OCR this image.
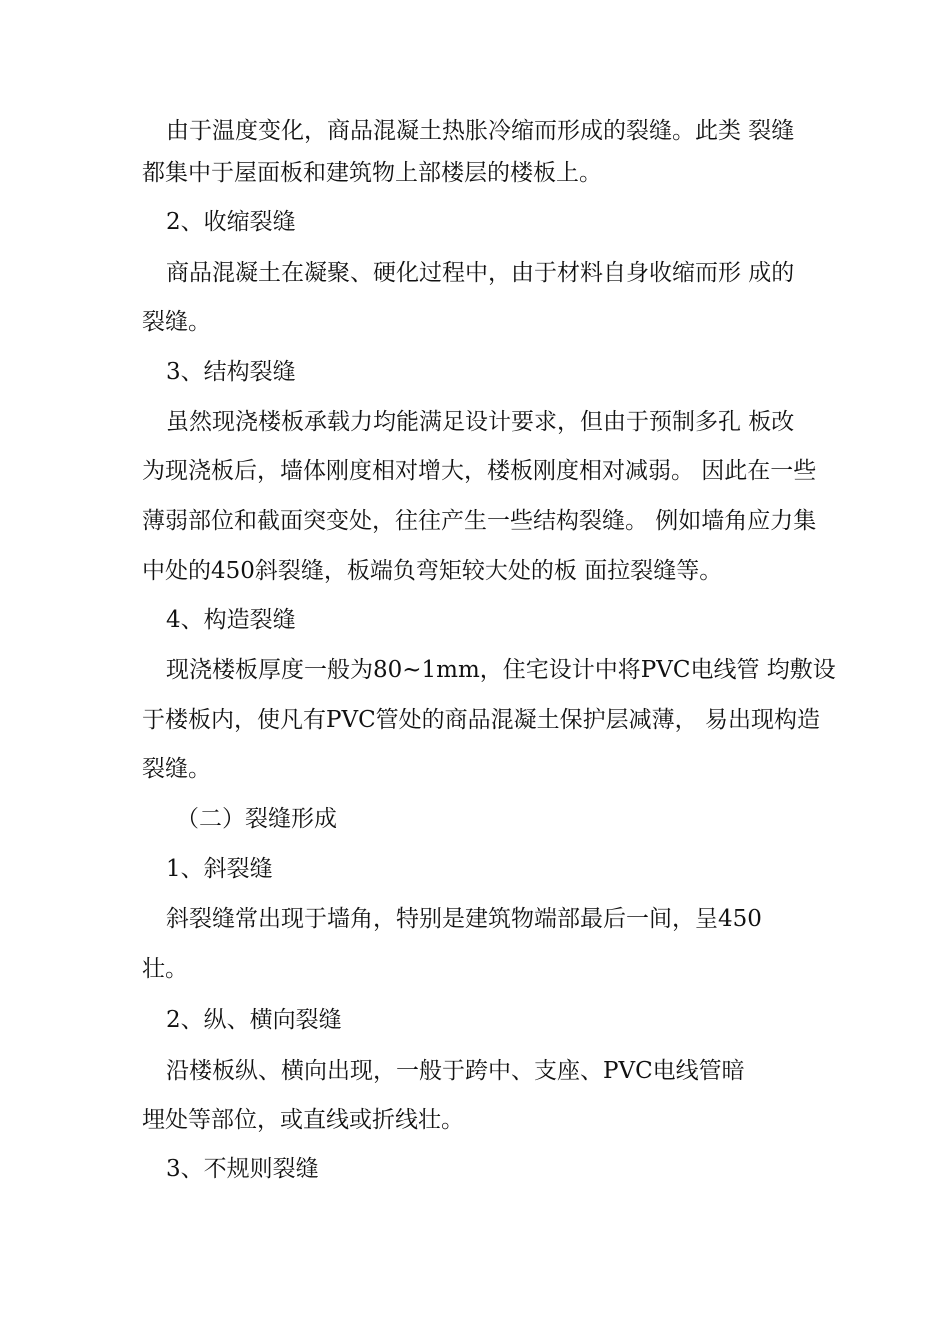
由于温度变化，商品混凝土热胀冷缩而形成的裂缝。此类 裂缝
都集中于屋面板和建筑物上部楼层的楼板上。
2、收缩裂缝
商品混凝土在凝聚、硬化过程中，由于材料自身收缩而形 成的
裂缝。
3、结构裂缝
虽然现浇楼板承载力均能满足设计要求，但由于预制多孔 板改
为现浇板后，墙体刚度相对增大，楼板刚度相对减弱。 因此在一些
薄弱部位和截面突变处，往往产生一些结构裂缝。 例如墙角应力集
中处的450斜裂缝，板端负弯矩较大处的板 面拉裂缝等。
4、构造裂缝
现浇楼板厚度一般为80~1mm，住宅设计中将PVC电线管 均敷设
于楼板内，使凡有PVC管处的商品混凝土保护层减薄， 易出现构造
裂缝。
（二）裂缝形成
1、斜裂缝
斜裂缝常出现于墙角，特别是建筑物端部最后一间，呈450
壮。
2、纵、横向裂缝
沿楼板纵、横向出现，一般于跨中、支座、PVC电线管暗
埋处等部位，或直线或折线壮。
3、不规则裂缝
